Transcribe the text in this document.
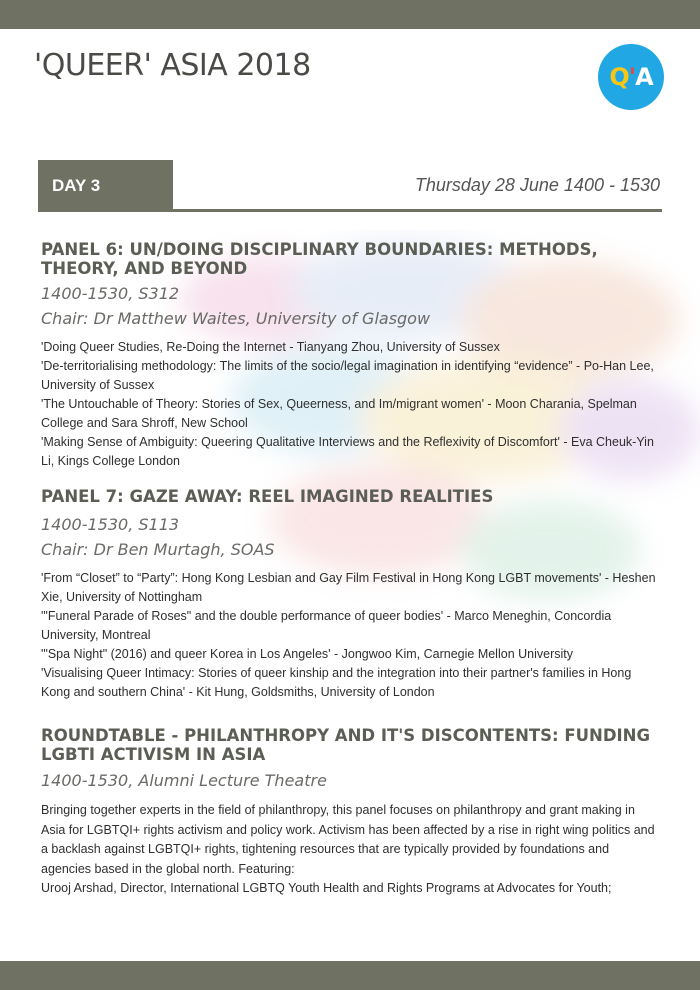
'QUEER' ASIA 2018	Q'A
DAY 3	Thursday 28 June 1400 - 1530
PANEL 6: UN/DOING DISCIPLINARY BOUNDARIES: METHODS, THEORY, AND BEYOND

1400-1530, S312

Chair: Dr Matthew Waites, University of Glasgow

'Doing Queer Studies, Re-Doing the Internet - Tianyang Zhou, University of Sussex

'De-territorialising methodology: The limits of the socio/legal imagination in identifying “evidence” - Po-Han Lee, University of Sussex

'The Untouchable of Theory: Stories of Sex, Queerness, and Im/migrant women' - Moon Charania, Spelman College and Sara Shroff, New School

'Making Sense of Ambiguity: Queering Qualitative Interviews and the Reflexivity of Discomfort' - Eva Cheuk-Yin Li, Kings College London

PANEL 7: GAZE AWAY: REEL IMAGINED REALITIES

1400-1530, S113

Chair: Dr Ben Murtagh, SOAS

'From “Closet” to “Party”: Hong Kong Lesbian and Gay Film Festival in Hong Kong LGBT movements' - Heshen Xie, University of Nottingham

'"Funeral Parade of Roses" and the double performance of queer bodies' - Marco Meneghin, Concordia University, Montreal

'"Spa Night" (2016) and queer Korea in Los Angeles' - Jongwoo Kim, Carnegie Mellon University

'Visualising Queer Intimacy: Stories of queer kinship and the integration into their partner's families in Hong Kong and southern China' - Kit Hung, Goldsmiths, University of London

ROUNDTABLE - PHILANTHROPY AND IT'S DISCONTENTS: FUNDING LGBTI ACTIVISM IN ASIA

1400-1530, Alumni Lecture Theatre

Bringing together experts in the field of philanthropy, this panel focuses on philanthropy and grant making in Asia for LGBTQI+ rights activism and policy work. Activism has been affected by a rise in right wing politics and a backlash against LGBTQI+ rights, tightening resources that are typically provided by foundations and agencies based in the global north. Featuring:

Urooj Arshad, Director, International LGBTQ Youth Health and Rights Programs at Advocates for Youth;
